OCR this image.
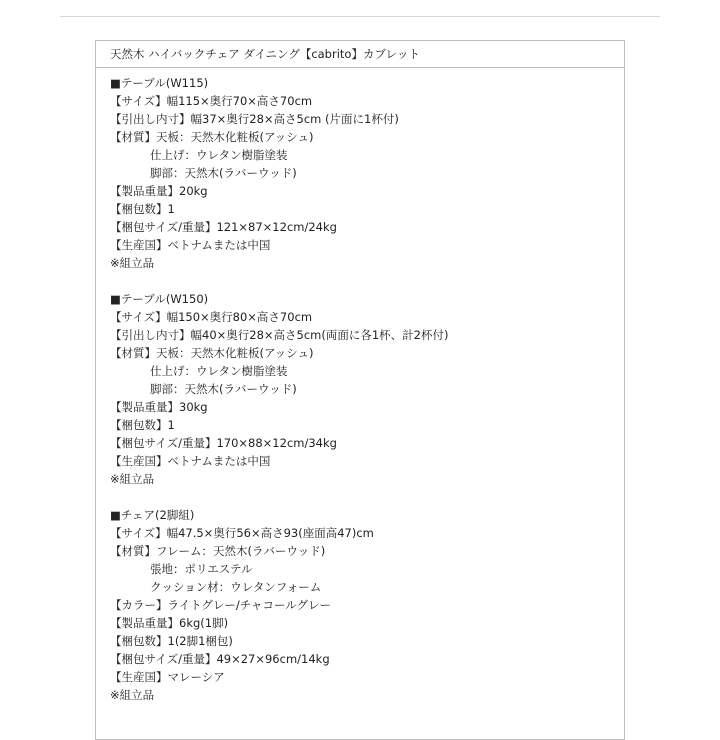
天然木 ハイバックチェア ダイニング【cabrito】カブレット
■テーブル(W115)
【サイズ】幅115×奥行70×高さ70cm
【引出し内寸】幅37×奥行28×高さ5cm (片面に1杯付)
【材質】天板：天然木化粧板(アッシュ)
仕上げ：ウレタン樹脂塗装
脚部：天然木(ラバーウッド)
【製品重量】20kg
【梱包数】1
【梱包サイズ/重量】121×87×12cm/24kg
【生産国】ベトナムまたは中国
※組立品
■テーブル(W150)
【サイズ】幅150×奥行80×高さ70cm
【引出し内寸】幅40×奥行28×高さ5cm(両面に各1杯、計2杯付)
【材質】天板：天然木化粧板(アッシュ)
仕上げ：ウレタン樹脂塗装
脚部：天然木(ラバーウッド)
【製品重量】30kg
【梱包数】1
【梱包サイズ/重量】170×88×12cm/34kg
【生産国】ベトナムまたは中国
※組立品
■チェア(2脚組)
【サイズ】幅47.5×奥行56×高さ93(座面高47)cm
【材質】フレーム：天然木(ラバーウッド)
張地：ポリエステル
クッション材：ウレタンフォーム
【カラー】ライトグレー/チャコールグレー
【製品重量】6kg(1脚)
【梱包数】1(2脚1梱包)
【梱包サイズ/重量】49×27×96cm/14kg
【生産国】マレーシア
※組立品
